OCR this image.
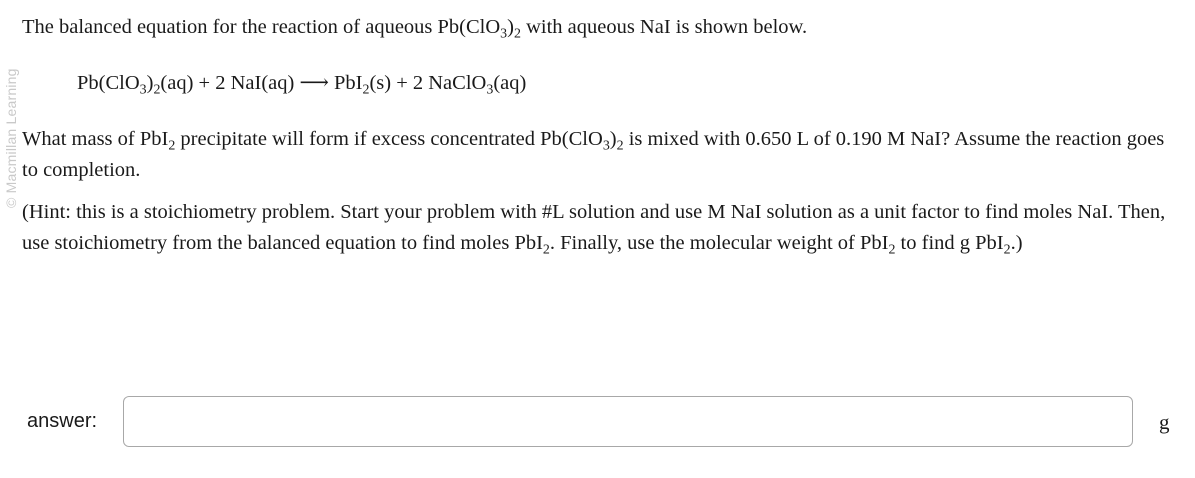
© Macmillan Learning

The balanced equation for the reaction of aqueous $Pb(ClO_3)_2$ with aqueous NaI is shown below.

$Pb(ClO_3)_2(aq) + 2$ NaI(aq) ⟶ PbI$_2$(s) + 2 NaClO$_3$(aq)

What mass of PbI$_2$ precipitate will form if excess concentrated $Pb(ClO_3)_2$ is mixed with 0.650 L of 0.190 M NaI? Assume the reaction goes to completion.

(Hint: this is a stoichiometry problem. Start your problem with #L solution and use M NaI solution as a unit factor to find moles NaI. Then, use stoichiometry from the balanced equation to find moles PbI$_2$. Finally, use the molecular weight of PbI$_2$ to find g PbI$_2$.)

answer:	g
